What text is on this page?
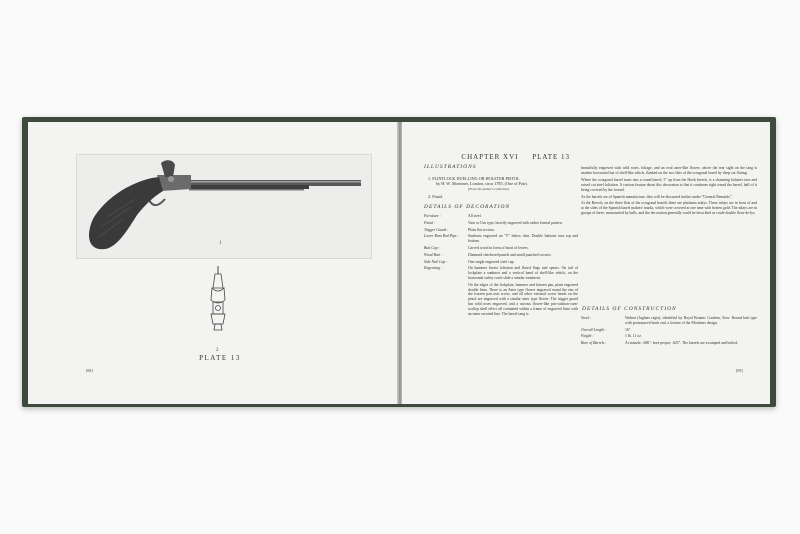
1
2
PLATE 13
[68]
CHAPTER XVI     PLATE 13
ILLUSTRATIONS
1. FLINTLOCK DUELLING OR HOLSTER PISTOL
by H. W. Mortimer, London, circa 1785. (One of Pair).
[From the author's collection]
2. Finial.
DETAILS OF DECORATION
Furniture :	All steel.
Finial :	Vase or Urn type, heavily engraved with rather formal pattern.
Trigger Guard :	Plain flat section.
Lower Ram Rod Pipe :	Sunburst engraved on "V" below chin. Double baluster turn top and bottom.
Butt Cap :	Carved wood in form of burst of leaves.
Wood Butt :	Diamond checkered panels and small punched crosses.
Side Nail Cup :	One single engraved steel cup.
Engraving :	On hammer breast foliation and fluted flags and spears. On tail of lockplate a sunburst and a vertical band of shell-like whirls, on the horizontal safety catch slide a similar treatment.
On the edges of the lockplate, hammer and frizzen pan, plain engraved double lines. There is an Aster type flower engraved round the rim of the frizzen pan axis screw, and all other external screw heads on the pistol are engraved with a similar aster type flower. The trigger guard has wild roses engraved, and a curious flower-like pin-cushion-cum-scallop shell effect all contained within a frame of engraved lines with an inner serrated line. The barrel tang is

beautifully engraved with wild roses, foliage, and an oval aster-like flower; above the rear sight on the tang is another horizontal bar of shell-like whirls, flanked on the two flats of the octagonal barrel by deep cut fluting.

Where the octagonal barrel turns into a round barrel, 5" up from the Hook breech, is a charming baluster turn and raised cut steel foliation. A curious feature about this decoration is that it continues right round the barrel, half of it being covered by the forend.

As the barrels are of Spanish manufacture, they will be discussed further under "General Remarks".

At the Breech, on the three flats of the octagonal barrels there are platinum inlays. These inlays are in front of and at the sides of the Spanish barrel makers' marks, which were covered at one time with beaten gold. The inlays are in groups of three, surmounted by balls, and the decoration generally could be described as crude double fleur-de-lys.

DETAILS OF CONSTRUCTION
Stock :	Walnut (Juglans regia), identified by Royal Botanic Gardens, Kew. Round butt type with pronounced hook end, a feature of the Mortimer design.
Overall Length :	16".
Weight :	1 lb. 11 oz.
Bore of Barrels :	At muzzle, .686", bore proper, .625". The barrels are swamped and bolted.
[69]
